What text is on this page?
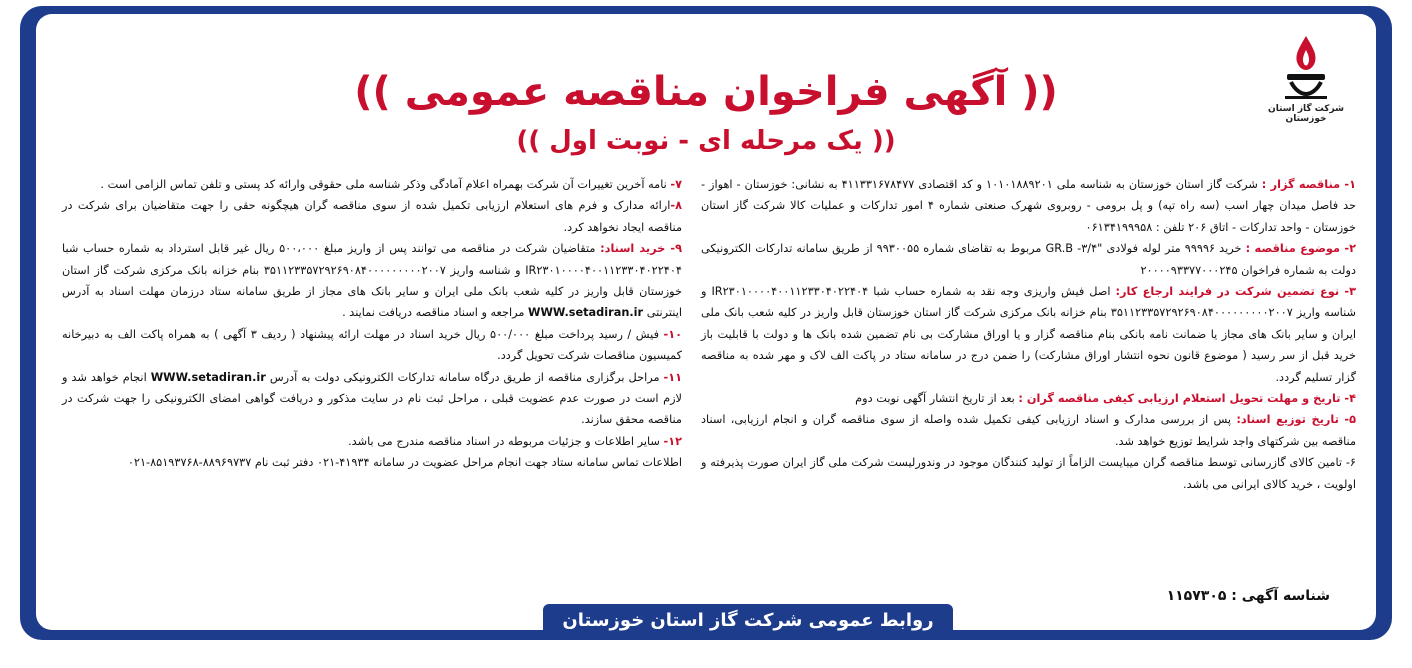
شرکت گاز استان خوزستان
(( آگهی فراخوان مناقصه عمومی ))
(( یک مرحله ای - نوبت اول ))

۱- مناقصه گزار : شرکت گاز استان خوزستان به شناسه ملی ۱۰۱۰۱۸۸۹۲۰۱ و کد اقتصادی ۴۱۱۳۳۱۶۷۸۴۷۷ به نشانی: خوزستان - اهواز - حد فاصل میدان چهار اسب (سه راه تپه) و پل برومی - روبروی شهرک صنعتی شماره ۴ امور تدارکات و عملیات کالا شرکت گاز استان خوزستان - واحد تدارکات - اتاق ۲۰۶ تلفن : ۰۶۱۳۴۱۹۹۹۵۸

۲- موضوع مناقصه : خرید ۹۹۹۹۶ متر لوله فولادی "۳/۴- GR.B مربوط به تقاضای شماره ۹۹۳۰۰۵۵ از طریق سامانه تدارکات الکترونیکی دولت به شماره فراخوان ۲۰۰۰۰۹۳۳۷۷۰۰۰۲۴۵

۳- نوع تضمین شرکت در فرایند ارجاع کار: اصل فیش واریزی وجه نقد به شماره حساب شبا IR۲۳۰۱۰۰۰۰۴۰۰۱۱۲۳۳۰۴۰۲۲۴۰۴ و شناسه واریز ۳۵۱۱۲۳۳۵۷۲۹۲۶۹۰۸۴۰۰۰۰۰۰۰۰۰۲۰۰۷ بنام خزانه بانک مرکزی شرکت گاز استان خوزستان قابل واریز در کلیه شعب بانک ملی ایران و سایر بانک های مجاز یا ضمانت نامه بانکی بنام مناقصه گزار و یا اوراق مشارکت بی نام تضمین شده بانک ها و دولت با قابلیت باز خرید قبل از سر رسید ( موضوع قانون نحوه انتشار اوراق مشارکت) را ضمن درج در سامانه ستاد در پاکت الف لاک و مهر شده به مناقصه گزار تسلیم گردد.

۴- تاریخ و مهلت تحویل استعلام ارزیابی کیفی مناقصه گران : بعد از تاریخ انتشار آگهی نوبت دوم

۵- تاریخ توزیع اسناد: پس از بررسی مدارک و اسناد ارزیابی کیفی تکمیل شده واصله از سوی مناقصه گران و انجام ارزیابی، اسناد مناقصه بین شرکتهای واجد شرایط توزیع خواهد شد.

۶- تامین کالای گازرسانی توسط مناقصه گران میبایست الزاماً از تولید کنندگان موجود در وندورلیست شرکت ملی گاز ایران صورت پذیرفته و اولویت ، خرید کالای ایرانی می باشد.

۷- نامه آخرین تغییرات آن شرکت بهمراه اعلام آمادگی وذکر شناسه ملی حقوقی وارائه کد پستی و تلفن تماس الزامی است .

۸-ارائه مدارک و فرم های استعلام ارزیابی تکمیل شده از سوی مناقصه گران هیچگونه حقی را جهت متقاضیان برای شرکت در مناقصه ایجاد نخواهد کرد.

۹- خرید اسناد: متقاضیان شرکت در مناقصه می توانند پس از واریز مبلغ ۵۰۰،۰۰۰ ریال غیر قابل استرداد به شماره حساب شبا IR۲۳۰۱۰۰۰۰۴۰۰۱۱۲۳۳۰۴۰۲۲۴۰۴ و شناسه واریز ۳۵۱۱۲۳۳۵۷۲۹۲۶۹۰۸۴۰۰۰۰۰۰۰۰۰۲۰۰۷ بنام خزانه بانک مرکزی شرکت گاز استان خوزستان قابل واریز در کلیه شعب بانک ملی ایران و سایر بانک های مجاز از طریق سامانه ستاد درزمان مهلت اسناد به آدرس اینترنتی WWW.setadiran.ir مراجعه و اسناد مناقصه دریافت نمایند .

۱۰- فیش / رسید پرداخت مبلغ ۵۰۰/۰۰۰ ریال خرید اسناد در مهلت ارائه پیشنهاد ( ردیف ۳ آگهی ) به همراه پاکت الف به دبیرخانه کمیسیون مناقصات شرکت تحویل گردد.

۱۱- مراحل برگزاری مناقصه از طریق درگاه سامانه تدارکات الکترونیکی دولت به آدرس WWW.setadiran.ir انجام خواهد شد و لازم است در صورت عدم عضویت قبلی ، مراحل ثبت نام در سایت مذکور و دریافت گواهی امضای الکترونیکی را جهت شرکت در مناقصه محقق سازند.

۱۲- سایر اطلاعات و جزئیات مربوطه در اسناد مناقصه مندرج می باشد.

اطلاعات تماس سامانه ستاد جهت انجام مراحل عضویت در سامانه ۴۱۹۳۴-۰۲۱ دفتر ثبت نام ۸۸۹۶۹۷۳۷-۸۵۱۹۳۷۶۸-۰۲۱

شناسه آگهی : ۱۱۵۷۳۰۵
روابط عمومی شرکت گاز استان خوزستان
